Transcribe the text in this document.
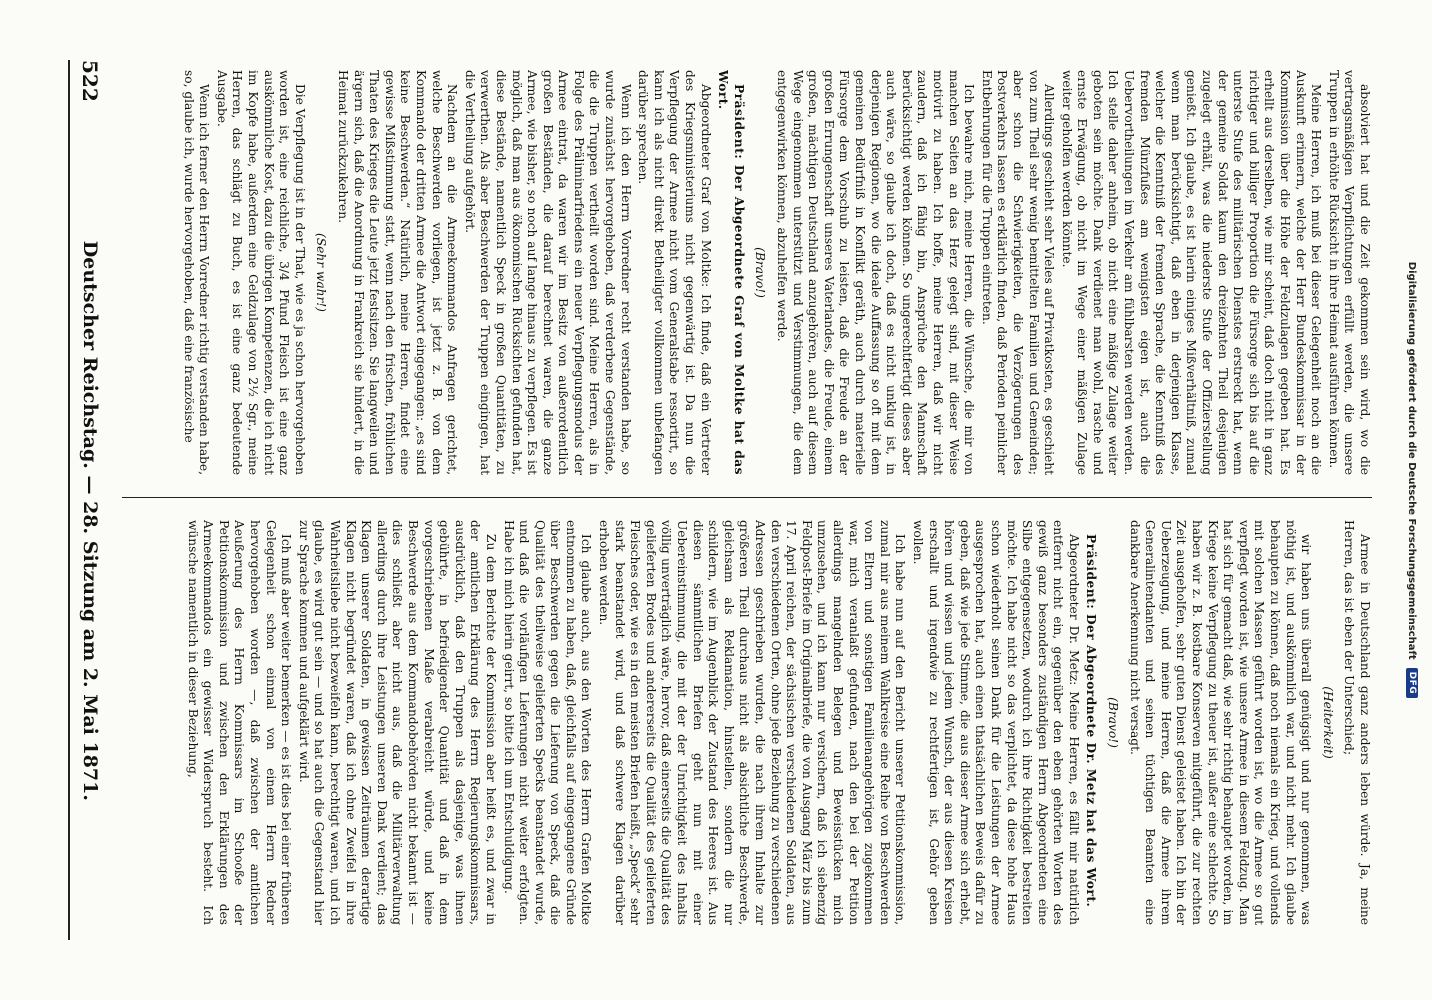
Digitalisierung gefördert durch die Deutsche Forschungsgemeinschaft
DFG

absolviert hat und die Zeit gekommen sein wird, wo die vertragsmäßigen Verpflichtungen erfüllt werden, die unsere Truppen in erhöhte Rücksicht in ihre Heimat ausführen können.

Meine Herren, ich muß bei dieser Gelegenheit noch an die Auskunft erinnern, welche der Herr Bundeskommissar in der Kommission über die Höhe der Feldzulagen gegeben hat. Es erhellt aus derselben, wie mir scheint, daß doch nicht in ganz richtiger und billiger Proportion die Fürsorge sich bis auf die unterste Stufe des militärischen Dienstes erstreckt hat, wenn der gemeine Soldat kaum den dreizehnten Theil desjenigen zugelegt erhält, was die niederste Stufe der Offizierstellung genießt. Ich glaube, es ist hierin einiges Mißverhältniß, zumal wenn man berücksichtigt, daß eben in derjenigen Klasse, welcher die Kenntniß der fremden Sprache, die Kenntniß des fremden Münzfußes am wenigsten eigen ist, auch die Uebervortheilungen im Verkehr am fühlbarsten werden werden. Ich stelle daher anheim, ob nicht eine mäßige Zulage weiter geboten sein möchte. Dank verdienet man wohl, rasche und ernste Erwägung, ob nicht im Wege einer mäßigen Zulage weiter geholfen werden könnte.

Allerdings geschieht sehr Vieles auf Privatkosten, es geschieht von zum Theil sehr wenig bemittelten Familien und Gemeinden; aber schon die Schwierigkeiten, die Verzögerungen des Postverkehrs lassen es erklärlich finden, daß Perioden peinlicher Entbehrungen für die Truppen eintreten.

Ich bewahre mich, meine Herren, die Wünsche, die mir von manchen Seiten an das Herz gelegt sind, mit dieser Weise motivirt zu haben. Ich hoffe, meine Herren, daß wir nicht zaudern, daß ich fähig bin, Ansprüche den Mannschaft berücksichtigt werden können. So ungerechtfertigt dieses aber auch wäre, so glaube ich doch, daß es nicht unklug ist, in derjenigen Regionen, wo die ideale Auffassung so oft mit dem gemeinen Bedürfniß in Konflikt geräth, auch durch materielle Fürsorge dem Vorschub zu leisten, daß die Freude an der großen Errungenschaft unseres Vaterlandes, die Freude, einem großen, mächtigen Deutschland anzugehören, auch auf diesem Wege eingenommen unterstützt und Verstimmungen, die dem entgegenwirken können, abzuhelfen werde.

(Bravo!)

Präsident: Der Abgeordnete Graf von Moltke hat das Wort.

Abgeordneter Graf von Moltke: Ich finde, daß ein Vertreter des Kriegsministeriums nicht gegenwärtig ist. Da nun die Verpflegung der Armee nicht vom Generalstabe ressortirt, so kann ich als nicht direkt Betheiligter vollkommen unbefangen darüber sprechen.

Wenn ich den Herrn Vorredner recht verstanden habe, so wurde zunächst hervorgehoben, daß verderbene Gegenstände, die die Truppen vertheilt worden sind. Meine Herren, als in Folge des Präliminarfriedens ein neuer Verpflegungsmodus der Armee eintrat, da waren wir im Besitz von außerordentlich großen Beständen, die darauf berechnet waren, die ganze Armee, wie bisher, so noch auf lange hinaus zu verpflegen. Es ist möglich, daß man aus ökonomischen Rücksichten gefunden hat, diese Bestände, namentlich Speck in großen Quantitäten, zu verwerthen. Als aber Beschwerden der Truppen eingingen, hat die Vertheilung aufgehört.

Nachdem an die Armeekommandos Anfragen gerichtet, welche Beschwerden vorliegen, ist jetzt z. B. von dem Kommando der dritten Armee die Antwort eingegangen: „es sind keine Beschwerden.“ Natürlich, meine Herren, findet eine gewisse Mißstimmung statt, wenn nach den frischen, fröhlichen Thaten des Krieges die Leute jetzt festsitzen. Sie langweilen und ärgern sich, daß die Anordnung in Frankreich sie hindert, in die Heimat zurückzukehren.

(Sehr wahr!)

Die Verpflegung ist in der That, wie es ja schon hervorgehoben worden ist, eine reichliche, 3/4 Pfund Fleisch ist eine ganz auskömmliche Kost, dazu die übrigen Kompetenzen, die ich nicht im Kopfe habe, außerdem eine Geldzulage von 2½ Sgr., meine Herren, das schlägt zu Buch, es ist eine ganz bedeutende Ausgabe.

Wenn ich ferner den Herrn Vorredner richtig verstanden habe, so, glaube ich, wurde hervorgehoben, daß eine französische

Armee in Deutschland ganz anders leben würde. Ja, meine Herren, das ist eben der Unterschied;

(Heiterkeit)

wir haben uns überall genügsigt und nur genommen, was nöthig ist, und auskömmlich war, und nicht mehr. Ich glaube behaupten zu können, daß noch niemals ein Krieg, und vollends mit solchen Massen geführt worden ist, wo die Armee so gut verpflegt worden ist, wie unsere Armee in diesem Feldzug. Man hat sich für gemacht daß, wie sehr richtig behauptet worden, im Kriege keine Verpflegung zu theuer ist, außer eine schlechte. So haben wir z. B. kostbare Konserven mitgeführt, die zur rechten Zeit ausgeholfen, sehr guten Dienst geleistet haben. Ich bin der Ueberzeugung, und meine Herren, daß die Armee ihrem Generalintendanten und seinen tüchtigen Beamten eine dankbare Anerkennung nicht versagt.

(Bravo!)

Präsident: Der Abgeordnete Dr. Metz hat das Wort.

Abgeordneter Dr. Metz: Meine Herren, es fällt mir natürlich entfernt nicht ein, gegenüber den eben gehörten Worten des gewiß ganz besonders zuständigen Herrn Abgeordneten eine Silbe entgegensetzen, wodurch ich ihre Richtigkeit bestreiten möchte. Ich habe nicht so das verplichtet, da diese hohe Haus schon wiederholt seinen Dank für die Leistungen der Armee ausgesprochen hat, auch einen thatsächlichen Beweis dafür zu geben, daß wie jede Stimme, die aus dieser Armee sich erhebt, hören und wissen und jedem Wunsch, der aus diesen Kreisen erschallt und irgendwie zu rechtfertigen ist, Gehör geben wollen.

Ich habe nun auf den Bericht unserer Petitionskommission, zumal mir aus meinem Wahlkreise eine Reihe von Beschwerden von Eltern und sonstigen Familienangehörigen zugekommen war, mich veranlaßt gefunden, nach den bei der Petition allerdings mangelnden Belegen und Beweisstücken mich umzusehen, und ich kann nur versichern, daß ich siebenzig Feldpost-Briefe im Originalbriefe, die von Ausgang März bis zum 17. April reichen, der sächsischen verschiedenen Soldaten, aus den verschiedenen Orten, ohne jede Beziehung zu verschiedenen Adressen geschrieben wurden, die nach ihrem Inhalte zur größeren Theil durchaus nicht als absichtliche Beschwerde, gleichsam als Reklamation, hinstellen, sondern die nur schildern, wie im Augenblick der Zustand des Heeres ist. Aus diesen sämmtlichen Briefen geht nun mit einer Uebereinstimmung, die mit der der Unrichtigkeit des Inhalts völlig unverträglich wäre, hervor, daß einerseits die Qualität des gelieferten Brodes und andererseits die Qualität des gelieferten Fleisches oder, wie es in den meisten Briefen heißt, „Speck“ sehr stark beanstandet wird, und daß schwere Klagen darüber erhoben werden.

Ich glaube auch, aus den Worten des Herrn Grafen Moltke entnommen zu haben, daß, gleichfalls auf eingegangene Gründe über Beschwerden gegen die Lieferung von Speck, daß die Qualität des theilweise gelieferten Specks beanstandet wurde, und daß die vorläufigen Lieferungen nicht weiter erfolgten. Habe ich mich hierin geirrt, so bitte ich um Entschuldigung.

Zu dem Berichte der Kommission aber heißt es, und zwar in der amtlichen Erklärung des Herrn Regierungskommissars, ausdrücklich, daß den Truppen als dasjenige, was ihnen gebührte, in befriedigender Quantität und daß in dem vorgeschriebenen Maße verabreicht würde, und keine Beschwerde aus dem Kommandobehörden nicht bekannt ist — dies schließt aber nicht aus, daß die Militärverwaltung allerdings durch ihre Leistungen unseren Dank verdient; das Klagen unserer Soldaten, in gewissen Zeiträumen derartige Klagen nicht begründet waren, daß ich ohne Zweifel in ihre Wahrheitsliebe nicht bezweifeln kann, berechtigt waren, und ich glaube, es wird gut sein — und so hat auch die Gegenstand hier zur Sprache kommen und aufgeklärt wird.

Ich muß aber weiter bemerken — es ist dies bei einer früheren Gelegenheit schon einmal von einem Herrn Redner hervorgehoben worden —, daß zwischen der amtlichen Aeußerung des Herrn Kommissars im Schooße der Petitionskommission und zwischen den Erklärungen des Armeekommandos ein gewisser Widerspruch besteht. Ich wünsche namentlich in dieser Beziehung,

522
Deutscher Reichstag. — 28. Sitzung am 2. Mai 1871.
